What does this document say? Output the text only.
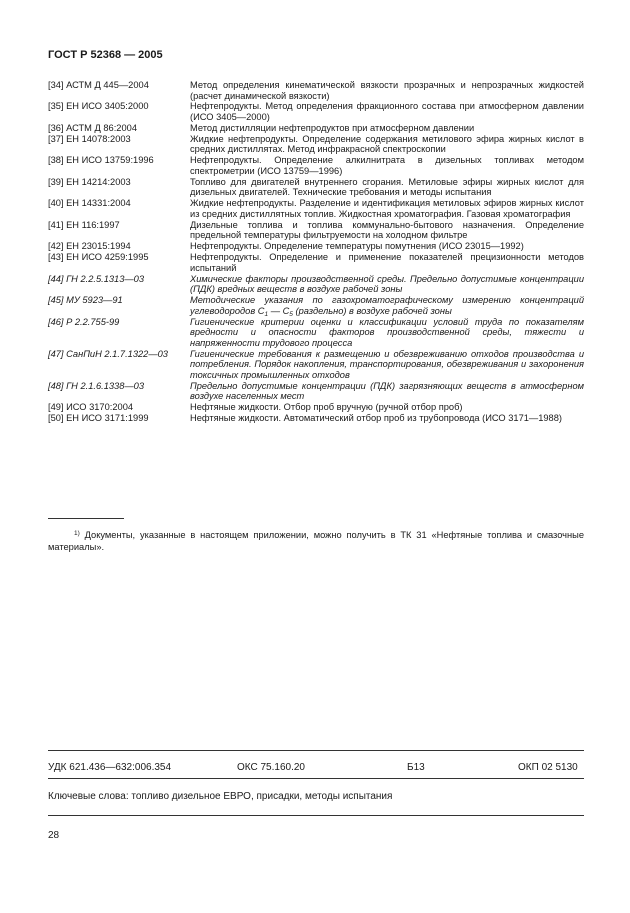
ГОСТ Р 52368 — 2005
[34] АСТМ Д 445—2004	Метод определения кинематической вязкости прозрачных и непрозрачных жидкостей (расчет динамической вязкости)
[35] ЕН ИСО 3405:2000	Нефтепродукты. Метод определения фракционного состава при атмосферном давлении (ИСО 3405—2000)
[36] АСТМ Д 86:2004	Метод дистилляции нефтепродуктов при атмосферном давлении
[37] ЕН 14078:2003	Жидкие нефтепродукты. Определение содержания метилового эфира жирных кислот в средних дистиллятах. Метод инфракрасной спектроскопии
[38] ЕН ИСО 13759:1996	Нефтепродукты. Определение алкилнитрата в дизельных топливах методом спектрометрии (ИСО 13759—1996)
[39] ЕН 14214:2003	Топливо для двигателей внутреннего сгорания. Метиловые эфиры жирных кислот для дизельных двигателей. Технические требования и методы испытания
[40] ЕН 14331:2004	Жидкие нефтепродукты. Разделение и идентификация метиловых эфиров жирных кислот из средних дистиллятных топлив. Жидкостная хроматография. Газовая хроматография
[41] ЕН 116:1997	Дизельные топлива и топлива коммунально-бытового назначения. Определение предельной температуры фильтруемости на холодном фильтре
[42] ЕН 23015:1994	Нефтепродукты. Определение температуры помутнения (ИСО 23015—1992)
[43] ЕН ИСО 4259:1995	Нефтепродукты. Определение и применение показателей прецизионности методов испытаний
[44] ГН 2.2.5.1313—03	Химические факторы производственной среды. Предельно допустимые концентрации (ПДК) вредных веществ в воздухе рабочей зоны
[45] МУ 5923—91	Методические указания по газохроматографическому измерению концентраций углеводородов $С_1$ — $С_5$ (раздельно) в воздухе рабочей зоны
[46] Р 2.2.755-99	Гигиенические критерии оценки и классификации условий труда по показателям вредности и опасности факторов производственной среды, тяжести и напряженности трудового процесса
[47] СанПиН 2.1.7.1322—03	Гигиенические требования к размещению и обезвреживанию отходов производства и потребления. Порядок накопления, транспортирования, обезвреживания и захоронения токсичных промышленных отходов
[48] ГН 2.1.6.1338—03	Предельно допустимые концентрации (ПДК) загрязняющих веществ в атмосферном воздухе населенных мест
[49] ИСО 3170:2004	Нефтяные жидкости. Отбор проб вручную (ручной отбор проб)
[50] ЕН ИСО 3171:1999	Нефтяные жидкости. Автоматический отбор проб из трубопровода (ИСО 3171—1988)
$^{1)}$ Документы, указанные в настоящем приложении, можно получить в ТК 31 «Нефтяные топлива и смазочные материалы».
УДК 621.436—632:006.354	ОКС 75.160.20	Б13	ОКП 02 5130
Ключевые слова: топливо дизельное ЕВРО, присадки, методы испытания
28
